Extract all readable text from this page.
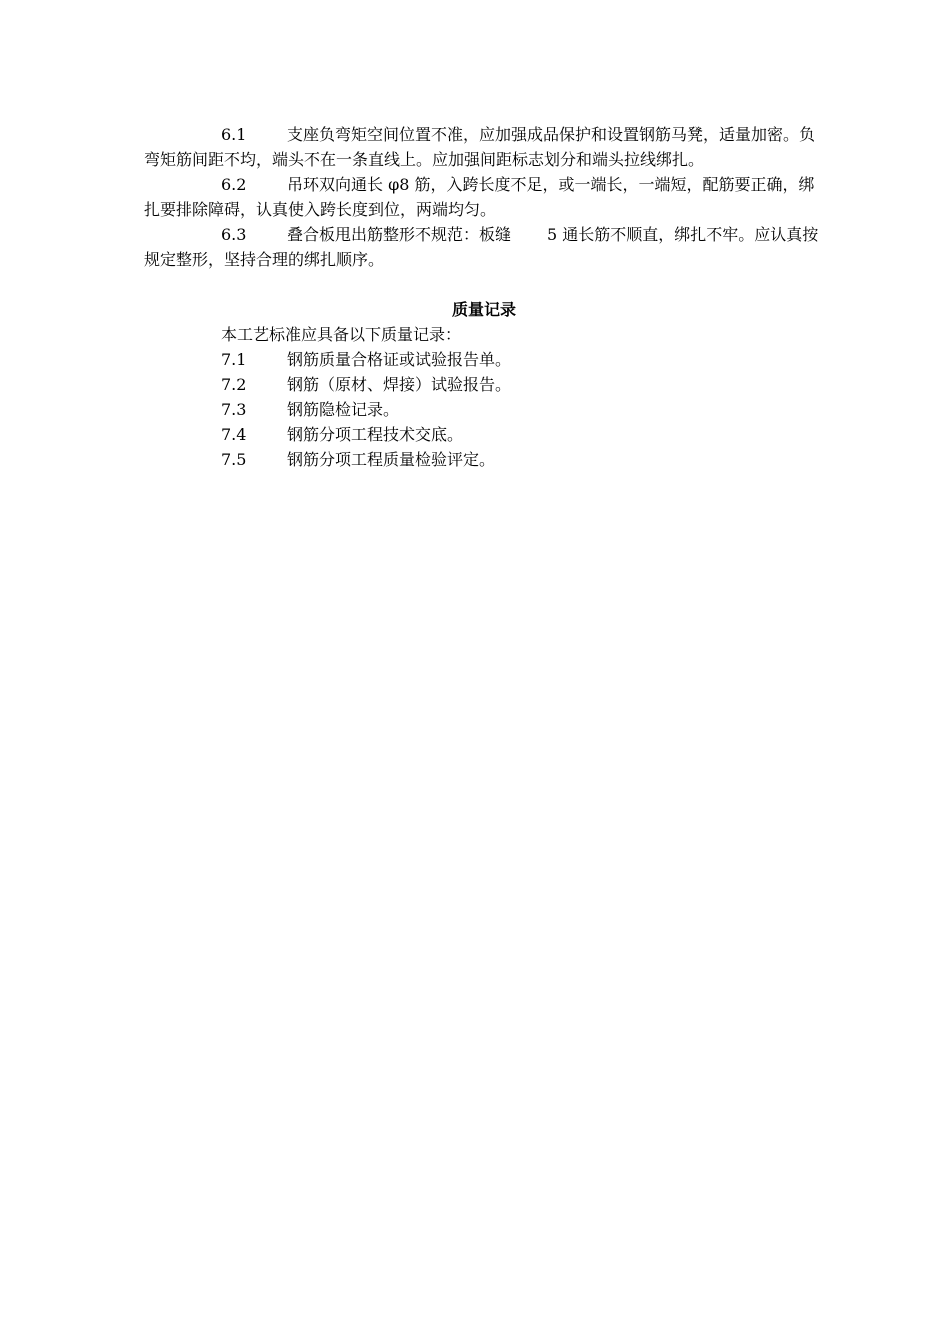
6.1	支座负弯矩空间位置不准，应加强成品保护和设置钢筋马凳，适量加密。负弯矩筋间距不均，端头不在一条直线上。应加强间距标志划分和端头拉线绑扎。

6.2	吊环双向通长 φ8 筋，入跨长度不足，或一端长，一端短，配筋要正确，绑扎要排除障碍，认真使入跨长度到位，两端均匀。

6.3	叠合板甩出筋整形不规范：板缝 5 通长筋不顺直，绑扎不牢。应认真按规定整形，坚持合理的绑扎顺序。

质量记录

本工艺标准应具备以下质量记录：

7.1	钢筋质量合格证或试验报告单。

7.2	钢筋（原材、焊接）试验报告。

7.3	钢筋隐检记录。

7.4	钢筋分项工程技术交底。

7.5	钢筋分项工程质量检验评定。
